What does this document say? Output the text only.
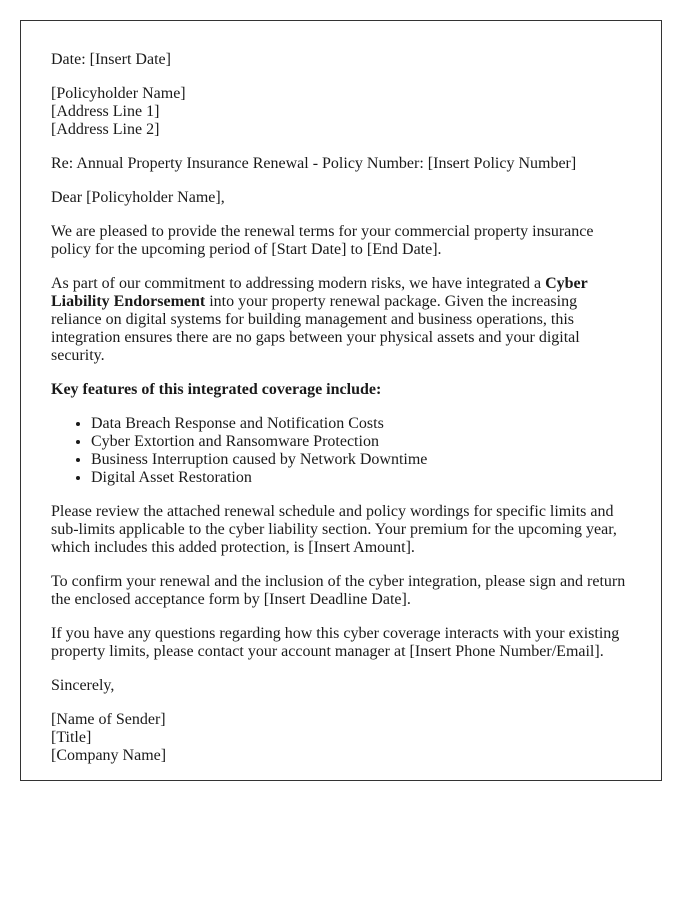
Date: [Insert Date]

[Policyholder Name]
[Address Line 1]
[Address Line 2]

Re: Annual Property Insurance Renewal - Policy Number: [Insert Policy Number]

Dear [Policyholder Name],

We are pleased to provide the renewal terms for your commercial property insurance policy for the upcoming period of [Start Date] to [End Date].

As part of our commitment to addressing modern risks, we have integrated a Cyber Liability Endorsement into your property renewal package. Given the increasing reliance on digital systems for building management and business operations, this integration ensures there are no gaps between your physical assets and your digital security.

Key features of this integrated coverage include:

• Data Breach Response and Notification Costs
• Cyber Extortion and Ransomware Protection
• Business Interruption caused by Network Downtime
• Digital Asset Restoration

Please review the attached renewal schedule and policy wordings for specific limits and sub-limits applicable to the cyber liability section. Your premium for the upcoming year, which includes this added protection, is [Insert Amount].

To confirm your renewal and the inclusion of the cyber integration, please sign and return the enclosed acceptance form by [Insert Deadline Date].

If you have any questions regarding how this cyber coverage interacts with your existing property limits, please contact your account manager at [Insert Phone Number/Email].

Sincerely,

[Name of Sender]
[Title]
[Company Name]
